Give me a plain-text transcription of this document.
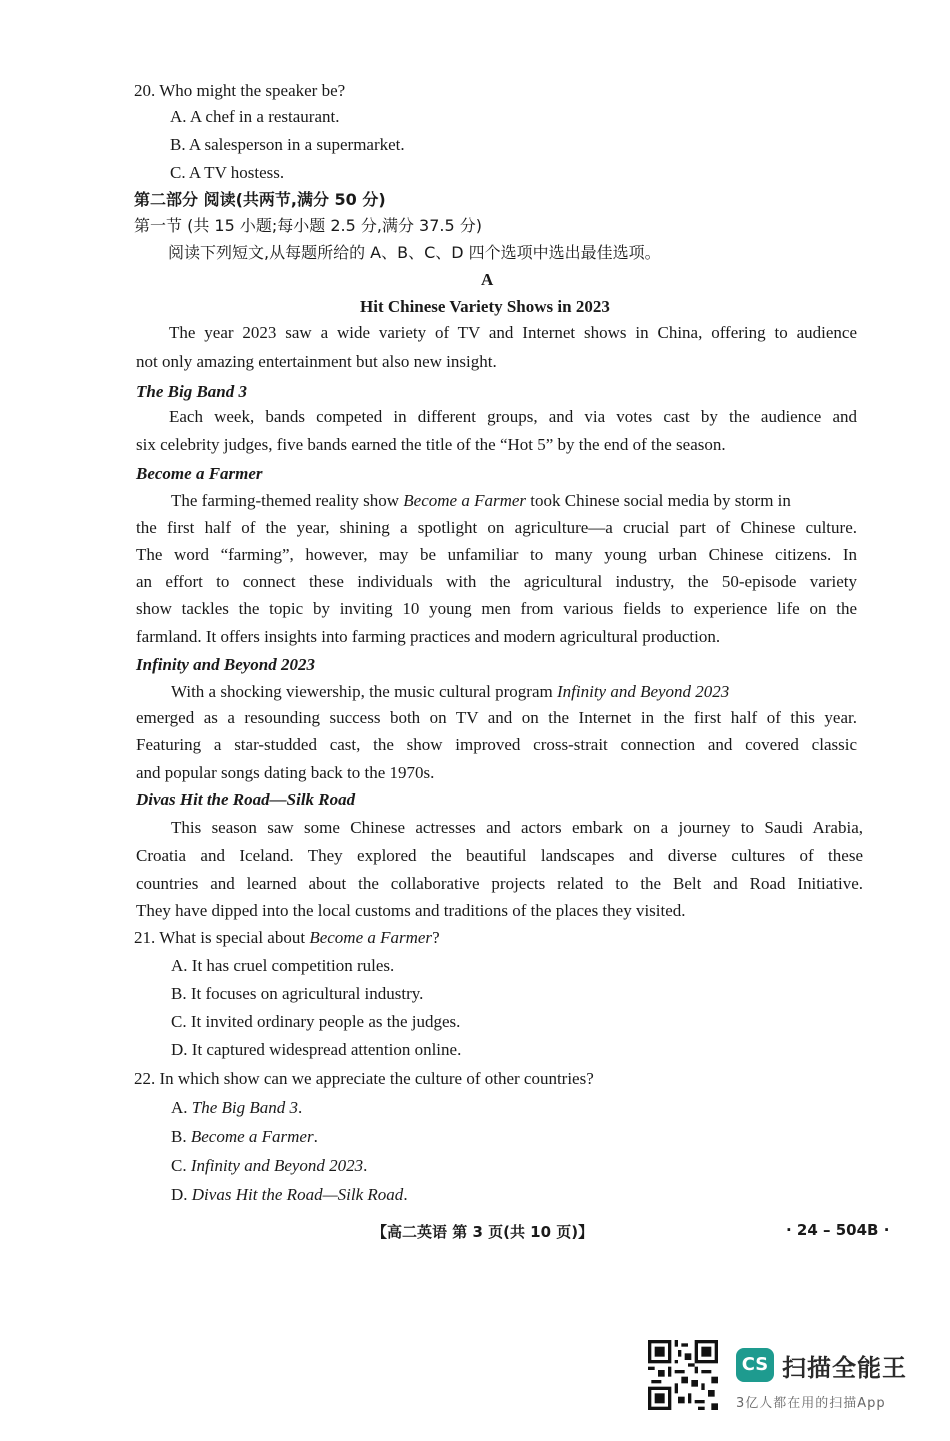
20. Who might the speaker be?
A. A chef in a restaurant.
B. A salesperson in a supermarket.
C. A TV hostess.
第二部分 阅读(共两节,满分 50 分)
第一节 (共 15 小题;每小题 2.5 分,满分 37.5 分)
阅读下列短文,从每题所给的 A、B、C、D 四个选项中选出最佳选项。
A
Hit Chinese Variety Shows in 2023
The year 2023 saw a wide variety of TV and Internet shows in China, offering to audience
not only amazing entertainment but also new insight.
The Big Band 3
Each week, bands competed in different groups, and via votes cast by the audience and
six celebrity judges, five bands earned the title of the “Hot 5” by the end of the season.
Become a Farmer
The farming-themed reality show Become a Farmer took Chinese social media by storm in
the first half of the year, shining a spotlight on agriculture—a crucial part of Chinese culture.
The word “farming”, however, may be unfamiliar to many young urban Chinese citizens. In
an effort to connect these individuals with the agricultural industry, the 50-episode variety
show tackles the topic by inviting 10 young men from various fields to experience life on the
farmland. It offers insights into farming practices and modern agricultural production.
Infinity and Beyond 2023
With a shocking viewership, the music cultural program Infinity and Beyond 2023
emerged as a resounding success both on TV and on the Internet in the first half of this year.
Featuring a star-studded cast, the show improved cross-strait connection and covered classic
and popular songs dating back to the 1970s.
Divas Hit the Road—Silk Road
This season saw some Chinese actresses and actors embark on a journey to Saudi Arabia,
Croatia and Iceland. They explored the beautiful landscapes and diverse cultures of these
countries and learned about the collaborative projects related to the Belt and Road Initiative.
They have dipped into the local customs and traditions of the places they visited.
21. What is special about Become a Farmer?
A. It has cruel competition rules.
B. It focuses on agricultural industry.
C. It invited ordinary people as the judges.
D. It captured widespread attention online.
22. In which show can we appreciate the culture of other countries?
A. The Big Band 3.
B. Become a Farmer.
C. Infinity and Beyond 2023.
D. Divas Hit the Road—Silk Road.
【高二英语 第 3 页(共 10 页)】	· 24 – 504B ·
CS 扫描全能王
3亿人都在用的扫描App
